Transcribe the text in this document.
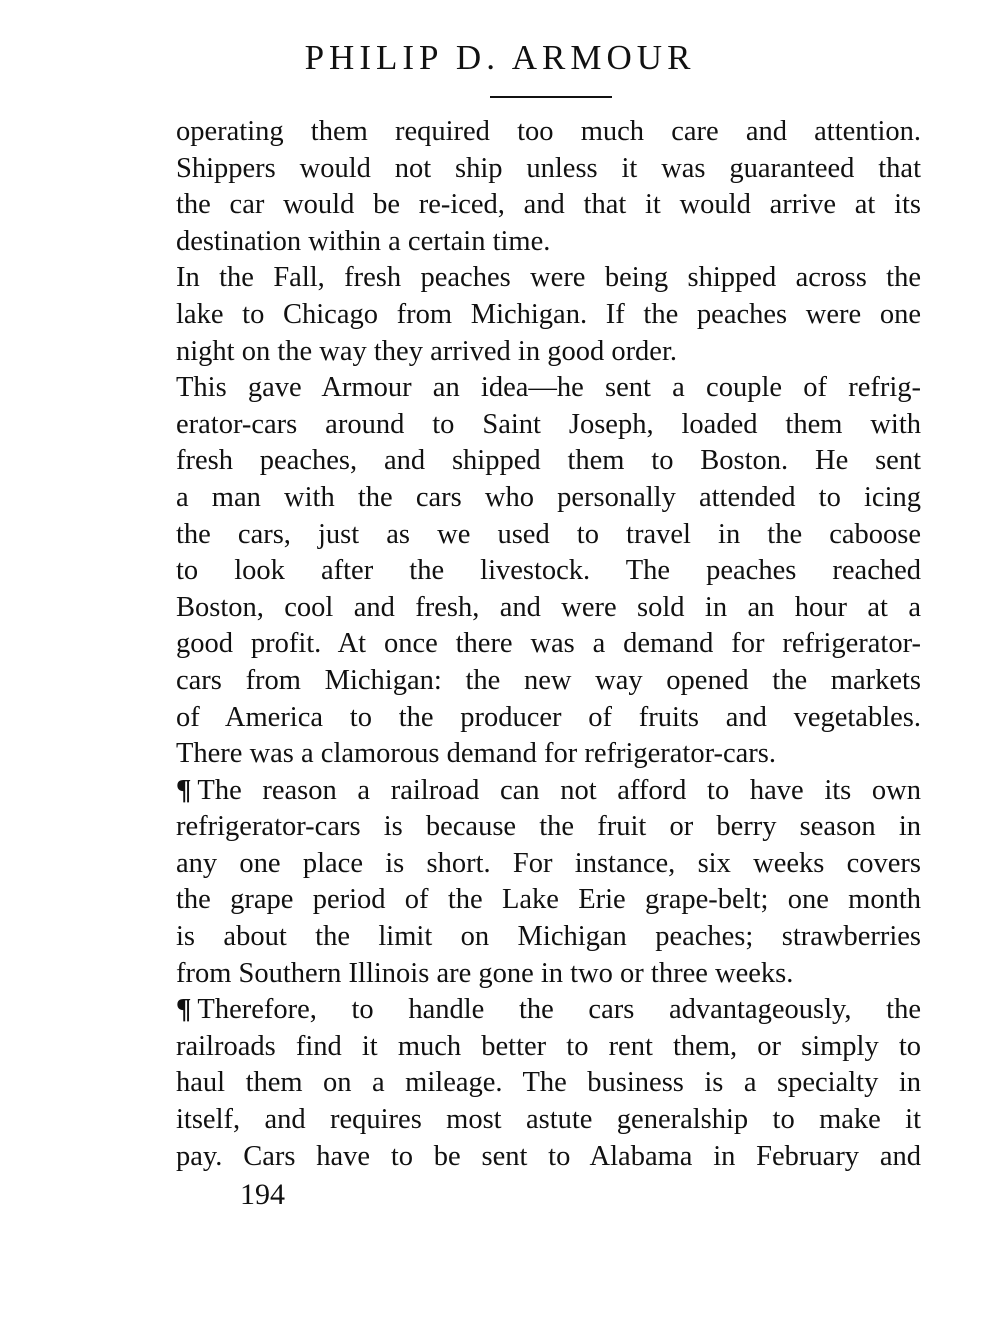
PHILIP D. ARMOUR
operating them required too much care and attention.
Shippers would not ship unless it was guaranteed that
the car would be re-iced, and that it would arrive at its
destination within a certain time.
In the Fall, fresh peaches were being shipped across the
lake to Chicago from Michigan. If the peaches were one
night on the way they arrived in good order.
This gave Armour an idea—he sent a couple of refrig-
erator-cars around to Saint Joseph, loaded them with
fresh peaches, and shipped them to Boston. He sent
a man with the cars who personally attended to icing
the cars, just as we used to travel in the caboose
to look after the livestock. The peaches reached
Boston, cool and fresh, and were sold in an hour at a
good profit. At once there was a demand for refrigerator-
cars from Michigan: the new way opened the markets
of America to the producer of fruits and vegetables.
There was a clamorous demand for refrigerator-cars.
¶ The reason a railroad can not afford to have its own
refrigerator-cars is because the fruit or berry season in
any one place is short. For instance, six weeks covers
the grape period of the Lake Erie grape-belt; one month
is about the limit on Michigan peaches; strawberries
from Southern Illinois are gone in two or three weeks.
¶ Therefore, to handle the cars advantageously, the
railroads find it much better to rent them, or simply to
haul them on a mileage. The business is a specialty in
itself, and requires most astute generalship to make it
pay. Cars have to be sent to Alabama in February and
194
